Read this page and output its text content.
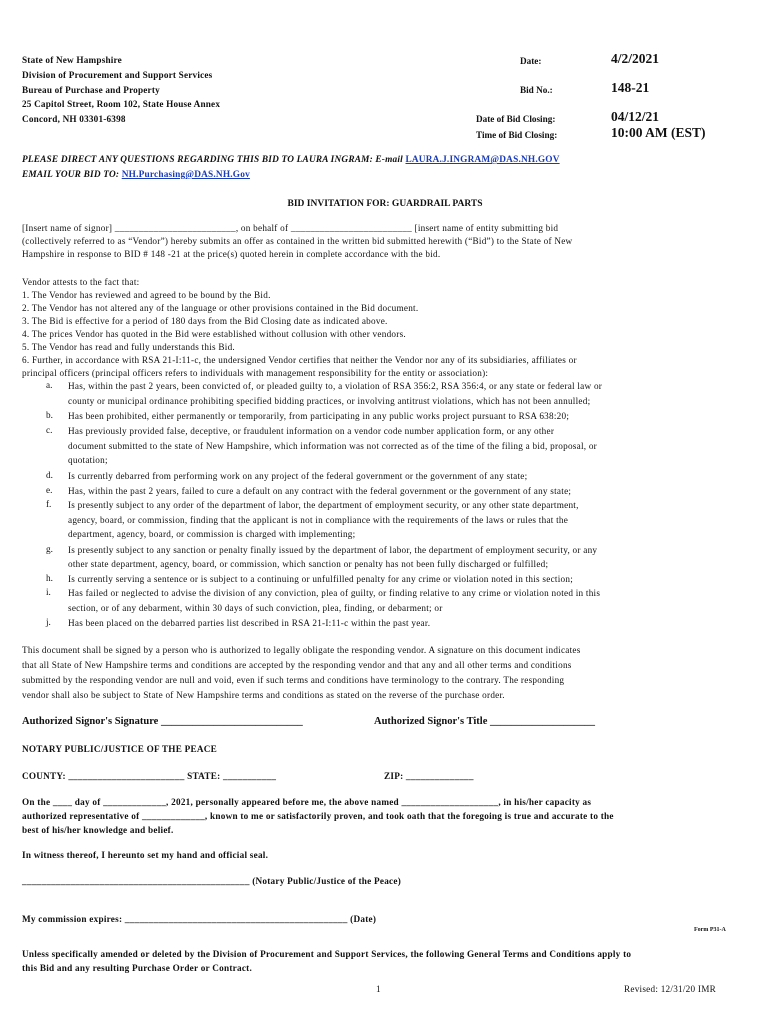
State of New Hampshire
Division of Procurement and Support Services
Bureau of Purchase and Property
25 Capitol Street, Room 102, State House Annex
Concord, NH 03301-6398
Date:	4/2/2021
Bid No.:	148-21
Date of Bid Closing:	04/12/21
Time of Bid Closing:	10:00 AM (EST)
PLEASE DIRECT ANY QUESTIONS REGARDING THIS BID TO LAURA INGRAM: E-mail LAURA.J.INGRAM@DAS.NH.GOV
EMAIL YOUR BID TO: NH.Purchasing@DAS.NH.Gov
BID INVITATION FOR: GUARDRAIL PARTS
[Insert name of signor] _________________________, on behalf of _________________________ [insert name of entity submitting bid
(collectively referred to as “Vendor”) hereby submits an offer as contained in the written bid submitted herewith (“Bid”) to the State of New
Hampshire in response to BID # 148 -21 at the price(s) quoted herein in complete accordance with the bid.
Vendor attests to the fact that:
1. The Vendor has reviewed and agreed to be bound by the Bid.
2. The Vendor has not altered any of the language or other provisions contained in the Bid document.
3. The Bid is effective for a period of 180 days from the Bid Closing date as indicated above.
4. The prices Vendor has quoted in the Bid were established without collusion with other vendors.
5. The Vendor has read and fully understands this Bid.
6. Further, in accordance with RSA 21-I:11-c, the undersigned Vendor certifies that neither the Vendor nor any of its subsidiaries, affiliates or
principal officers (principal officers refers to individuals with management responsibility for the entity or association):
a. Has, within the past 2 years, been convicted of, or pleaded guilty to, a violation of RSA 356:2, RSA 356:4, or any state or federal law or
county or municipal ordinance prohibiting specified bidding practices, or involving antitrust violations, which has not been annulled;
b. Has been prohibited, either permanently or temporarily, from participating in any public works project pursuant to RSA 638:20;
c. Has previously provided false, deceptive, or fraudulent information on a vendor code number application form, or any other
document submitted to the state of New Hampshire, which information was not corrected as of the time of the filing a bid, proposal, or
quotation;
d. Is currently debarred from performing work on any project of the federal government or the government of any state;
e. Has, within the past 2 years, failed to cure a default on any contract with the federal government or the government of any state;
f. Is presently subject to any order of the department of labor, the department of employment security, or any other state department,
agency, board, or commission, finding that the applicant is not in compliance with the requirements of the laws or rules that the
department, agency, board, or commission is charged with implementing;
g. Is presently subject to any sanction or penalty finally issued by the department of labor, the department of employment security, or any
other state department, agency, board, or commission, which sanction or penalty has not been fully discharged or fulfilled;
h. Is currently serving a sentence or is subject to a continuing or unfulfilled penalty for any crime or violation noted in this section;
i. Has failed or neglected to advise the division of any conviction, plea of guilty, or finding relative to any crime or violation noted in this
section, or of any debarment, within 30 days of such conviction, plea, finding, or debarment; or
j. Has been placed on the debarred parties list described in RSA 21-I:11-c within the past year.
This document shall be signed by a person who is authorized to legally obligate the responding vendor. A signature on this document indicates
that all State of New Hampshire terms and conditions are accepted by the responding vendor and that any and all other terms and conditions
submitted by the responding vendor are null and void, even if such terms and conditions have terminology to the contrary. The responding
vendor shall also be subject to State of New Hampshire terms and conditions as stated on the reverse of the purchase order.
Authorized Signor's Signature ___________________________	Authorized Signor's Title ____________________
NOTARY PUBLIC/JUSTICE OF THE PEACE
COUNTY: ________________________ STATE: ___________	ZIP: ______________
On the ____ day of _____________, 2021, personally appeared before me, the above named ____________________, in his/her capacity as
authorized representative of _____________, known to me or satisfactorily proven, and took oath that the foregoing is true and accurate to the
best of his/her knowledge and belief.
In witness thereof, I hereunto set my hand and official seal.
_______________________________________________ (Notary Public/Justice of the Peace)
My commission expires: ______________________________________________ (Date)
Form P31-A
Unless specifically amended or deleted by the Division of Procurement and Support Services, the following General Terms and Conditions apply to
this Bid and any resulting Purchase Order or Contract.
1	Revised: 12/31/20 IMR
